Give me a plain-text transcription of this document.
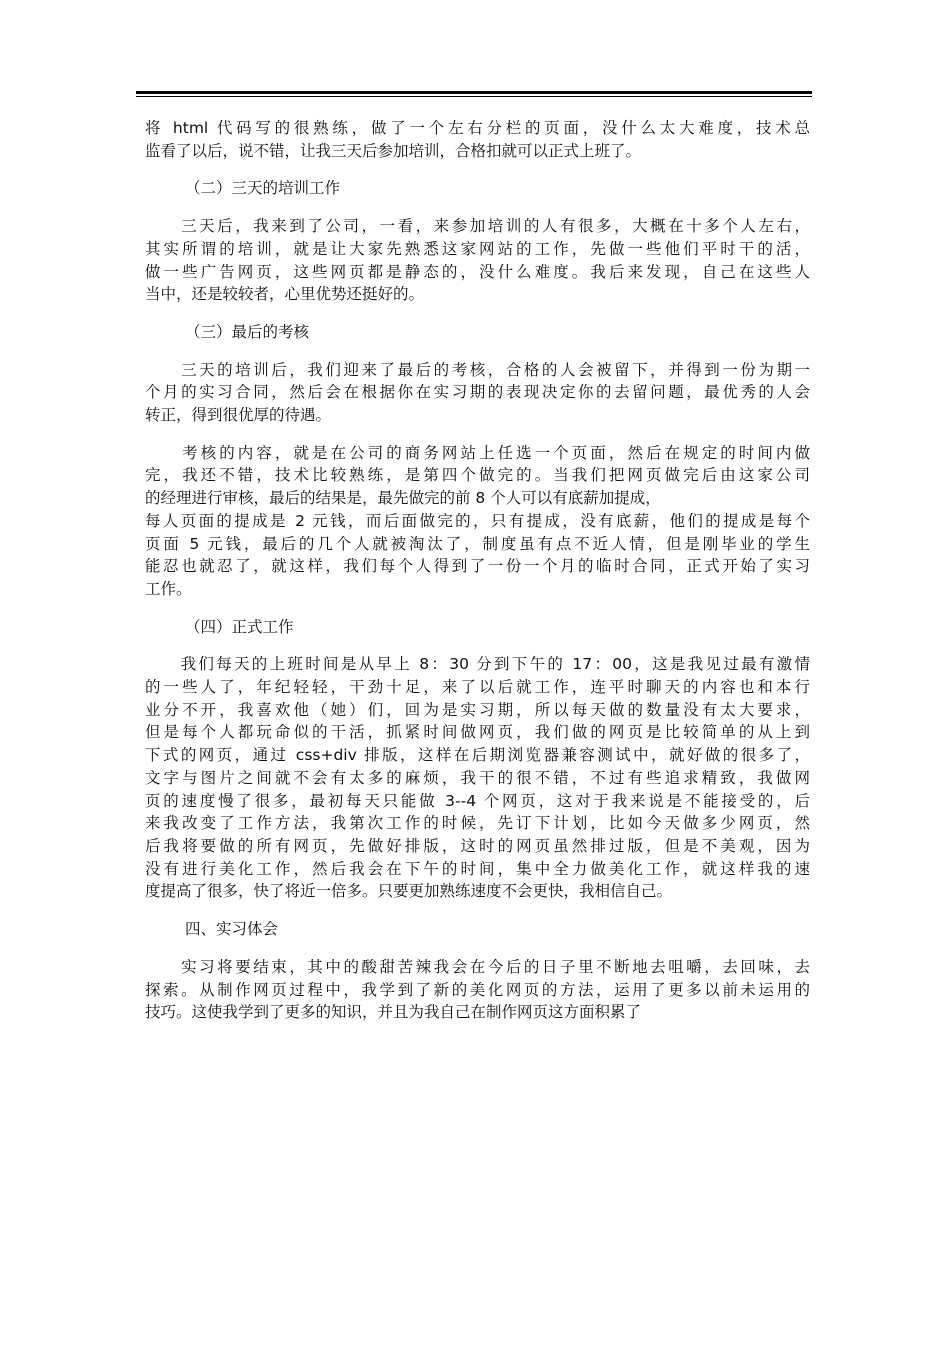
将 html 代码写的很熟练，做了一个左右分栏的页面，没什么太大难度，技术总
监看了以后，说不错，让我三天后参加培训，合格扣就可以正式上班了。

（二）三天的培训工作

　　三天后，我来到了公司，一看，来参加培训的人有很多，大概在十多个人左右，
其实所谓的培训，就是让大家先熟悉这家网站的工作，先做一些他们平时干的活，
做一些广告网页，这些网页都是静态的，没什么难度。我后来发现，自己在这些人
当中，还是较较者，心里优势还挺好的。

（三）最后的考核

　　三天的培训后，我们迎来了最后的考核，合格的人会被留下，并得到一份为期一
个月的实习合同，然后会在根据你在实习期的表现决定你的去留问题，最优秀的人会
转正，得到很优厚的待遇。

　　考核的内容，就是在公司的商务网站上任选一个页面，然后在规定的时间内做
完，我还不错，技术比较熟练，是第四个做完的。当我们把网页做完后由这家公司
的经理进行审核，最后的结果是，最先做完的前 8 个人可以有底薪加提成，
每人页面的提成是 2 元钱，而后面做完的，只有提成，没有底薪，他们的提成是每个
页面 5 元钱，最后的几个人就被淘汰了，制度虽有点不近人情，但是刚毕业的学生
能忍也就忍了，就这样，我们每个人得到了一份一个月的临时合同，正式开始了实习
工作。

（四）正式工作

　　我们每天的上班时间是从早上 8：30 分到下午的 17：00，这是我见过最有激情
的一些人了，年纪轻轻，干劲十足，来了以后就工作，连平时聊天的内容也和本行
业分不开，我喜欢他（她）们，回为是实习期，所以每天做的数量没有太大要求，
但是每个人都玩命似的干活，抓紧时间做网页，我们做的网页是比较简单的从上到
下式的网页，通过 css+div 排版，这样在后期浏览器兼容测试中，就好做的很多了，
文字与图片之间就不会有太多的麻烦，我干的很不错，不过有些追求精致，我做网
页的速度慢了很多，最初每天只能做 3--4 个网页，这对于我来说是不能接受的，后
来我改变了工作方法，我第次工作的时候，先订下计划，比如今天做多少网页，然
后我将要做的所有网页，先做好排版，这时的网页虽然排过版，但是不美观，因为
没有进行美化工作，然后我会在下午的时间，集中全力做美化工作，就这样我的速
度提高了很多，快了将近一倍多。只要更加熟练速度不会更快，我相信自己。

四、实习体会

　　实习将要结束，其中的酸甜苦辣我会在今后的日子里不断地去咀嚼，去回味，去
探索。从制作网页过程中，我学到了新的美化网页的方法，运用了更多以前未运用的
技巧。这使我学到了更多的知识，并且为我自己在制作网页这方面积累了
